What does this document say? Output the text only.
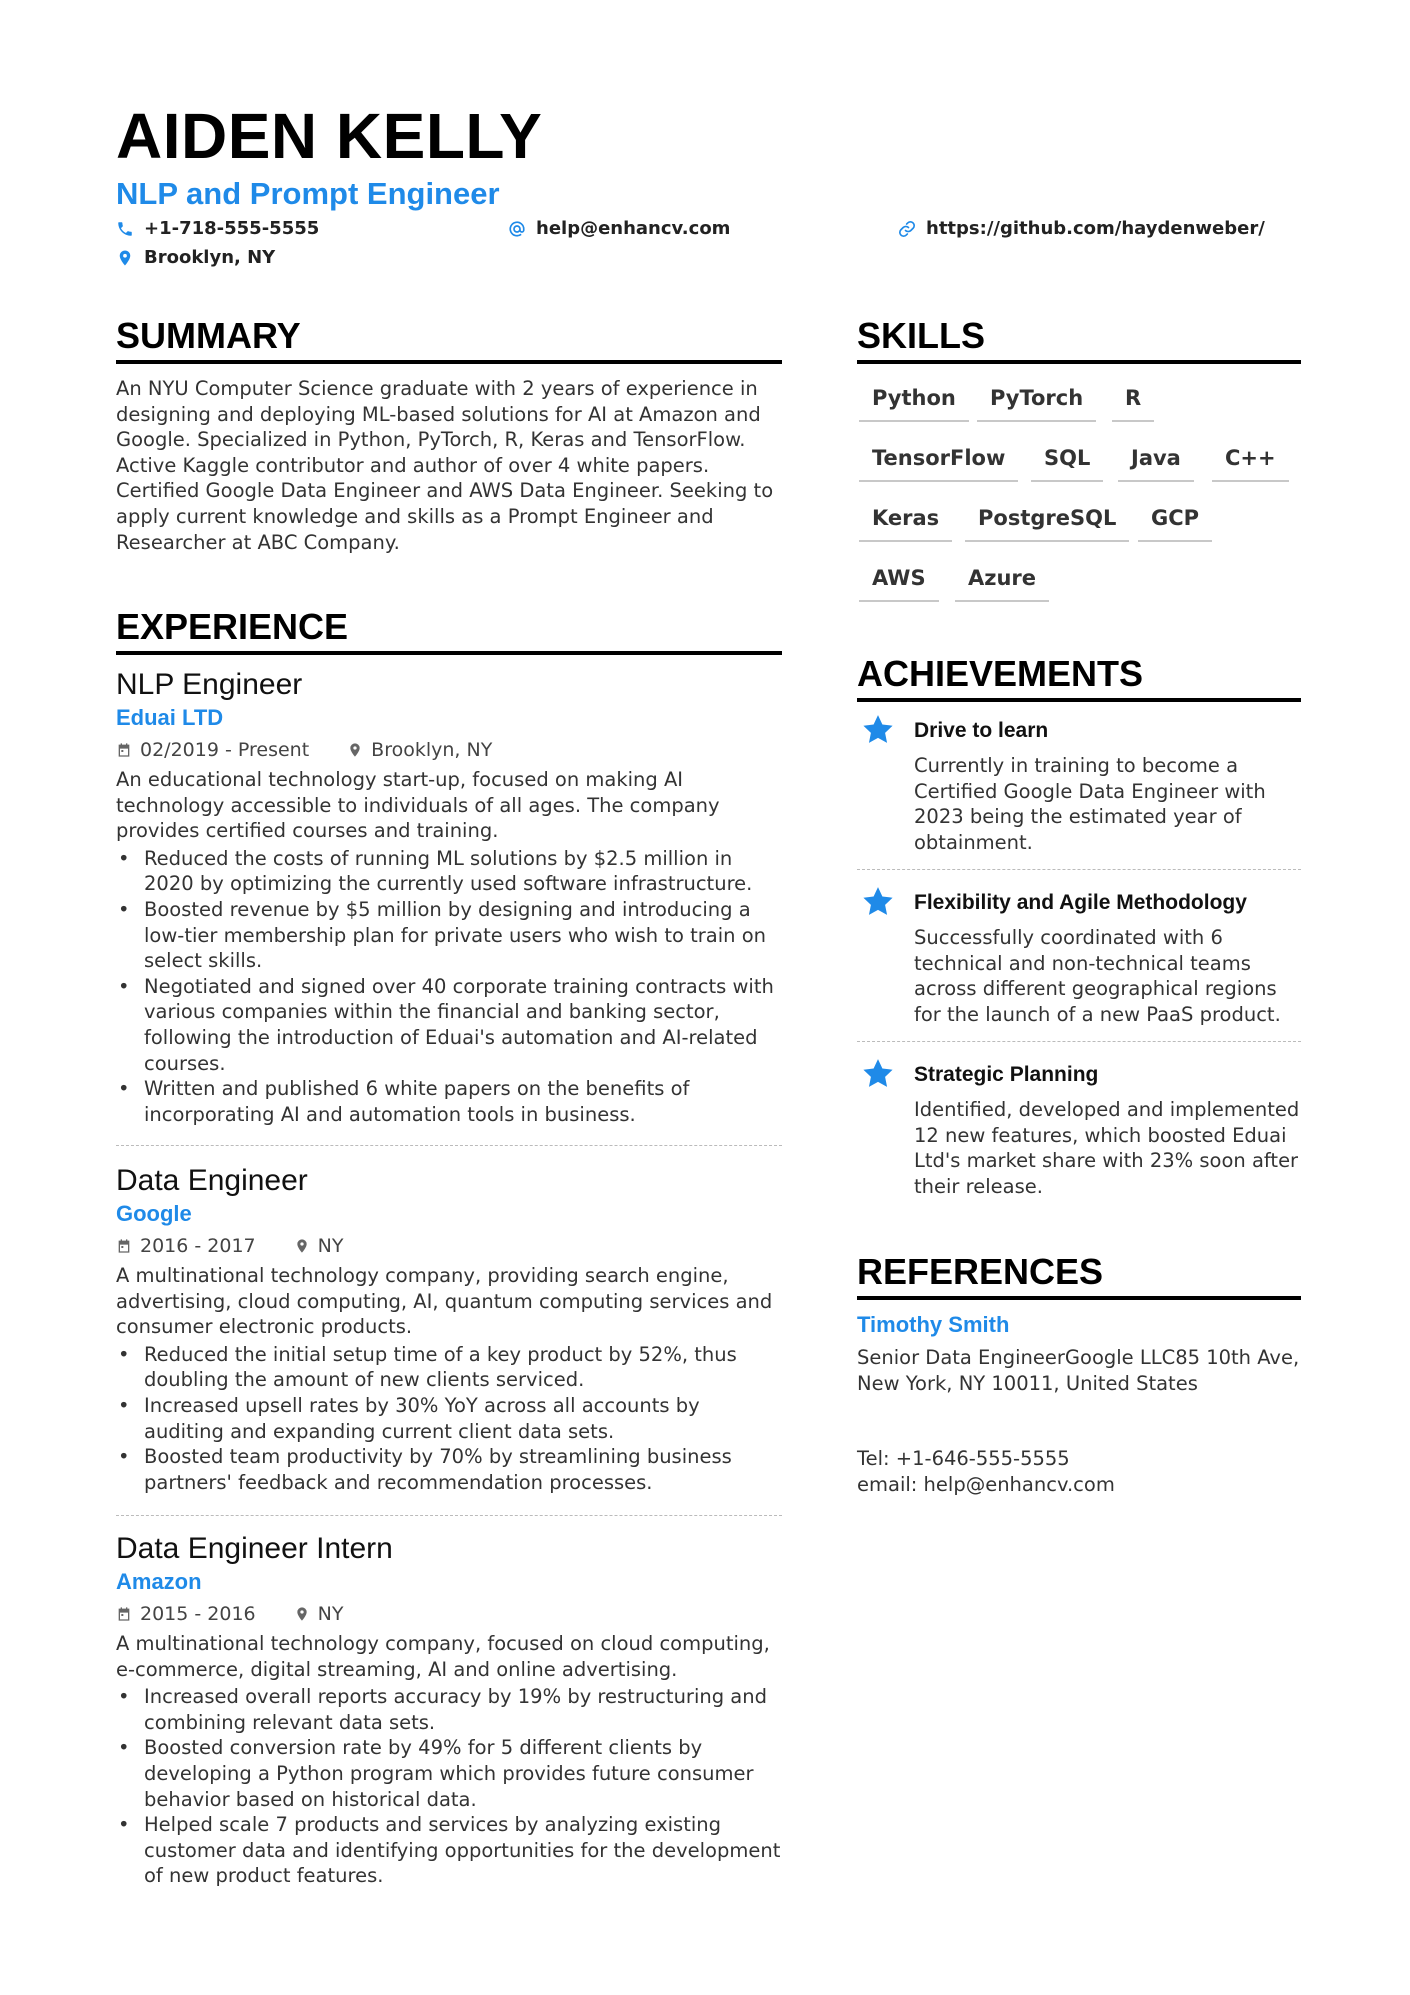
AIDEN KELLY
NLP and Prompt Engineer
+1-718-555-5555	help@enhancv.com	https://github.com/haydenweber/
Brooklyn, NY
SUMMARY

An NYU Computer Science graduate with 2 years of experience in designing and deploying ML-based solutions for AI at Amazon and Google. Specialized in Python, PyTorch, R, Keras and TensorFlow. Active Kaggle contributor and author of over 4 white papers. Certified Google Data Engineer and AWS Data Engineer. Seeking to apply current knowledge and skills as a Prompt Engineer and Researcher at ABC Company.

EXPERIENCE

NLP Engineer

Eduai LTD

02/2019 - Present	Brooklyn, NY

An educational technology start-up, focused on making AI technology accessible to individuals of all ages. The company provides certified courses and training.

• Reduced the costs of running ML solutions by $2.5 million in 2020 by optimizing the currently used software infrastructure.
• Boosted revenue by $5 million by designing and introducing a low-tier membership plan for private users who wish to train on select skills.
• Negotiated and signed over 40 corporate training contracts with various companies within the financial and banking sector, following the introduction of Eduai's automation and AI-related courses.
• Written and published 6 white papers on the benefits of incorporating AI and automation tools in business.

Data Engineer

Google

2016 - 2017	NY

A multinational technology company, providing search engine, advertising, cloud computing, AI, quantum computing services and consumer electronic products.

• Reduced the initial setup time of a key product by 52%, thus doubling the amount of new clients serviced.
• Increased upsell rates by 30% YoY across all accounts by auditing and expanding current client data sets.
• Boosted team productivity by 70% by streamlining business partners' feedback and recommendation processes.

Data Engineer Intern

Amazon

2015 - 2016	NY

A multinational technology company, focused on cloud computing, e-commerce, digital streaming, AI and online advertising.

• Increased overall reports accuracy by 19% by restructuring and combining relevant data sets.
• Boosted conversion rate by 49% for 5 different clients by developing a Python program which provides future consumer behavior based on historical data.
• Helped scale 7 products and services by analyzing existing customer data and identifying opportunities for the development of new product features.
SKILLS
Python	PyTorch	R
TensorFlow	SQL	Java	C++
Keras	PostgreSQL	GCP
AWS	Azure
ACHIEVEMENTS

Drive to learn

Currently in training to become a Certified Google Data Engineer with 2023 being the estimated year of obtainment.

Flexibility and Agile Methodology

Successfully coordinated with 6 technical and non-technical teams across different geographical regions for the launch of a new PaaS product.

Strategic Planning

Identified, developed and implemented 12 new features, which boosted Eduai Ltd's market share with 23% soon after their release.

REFERENCES

Timothy Smith

Senior Data EngineerGoogle LLC85 10th Ave, New York, NY 10011, United States

Tel: +1-646-555-5555

email: help@enhancv.com
